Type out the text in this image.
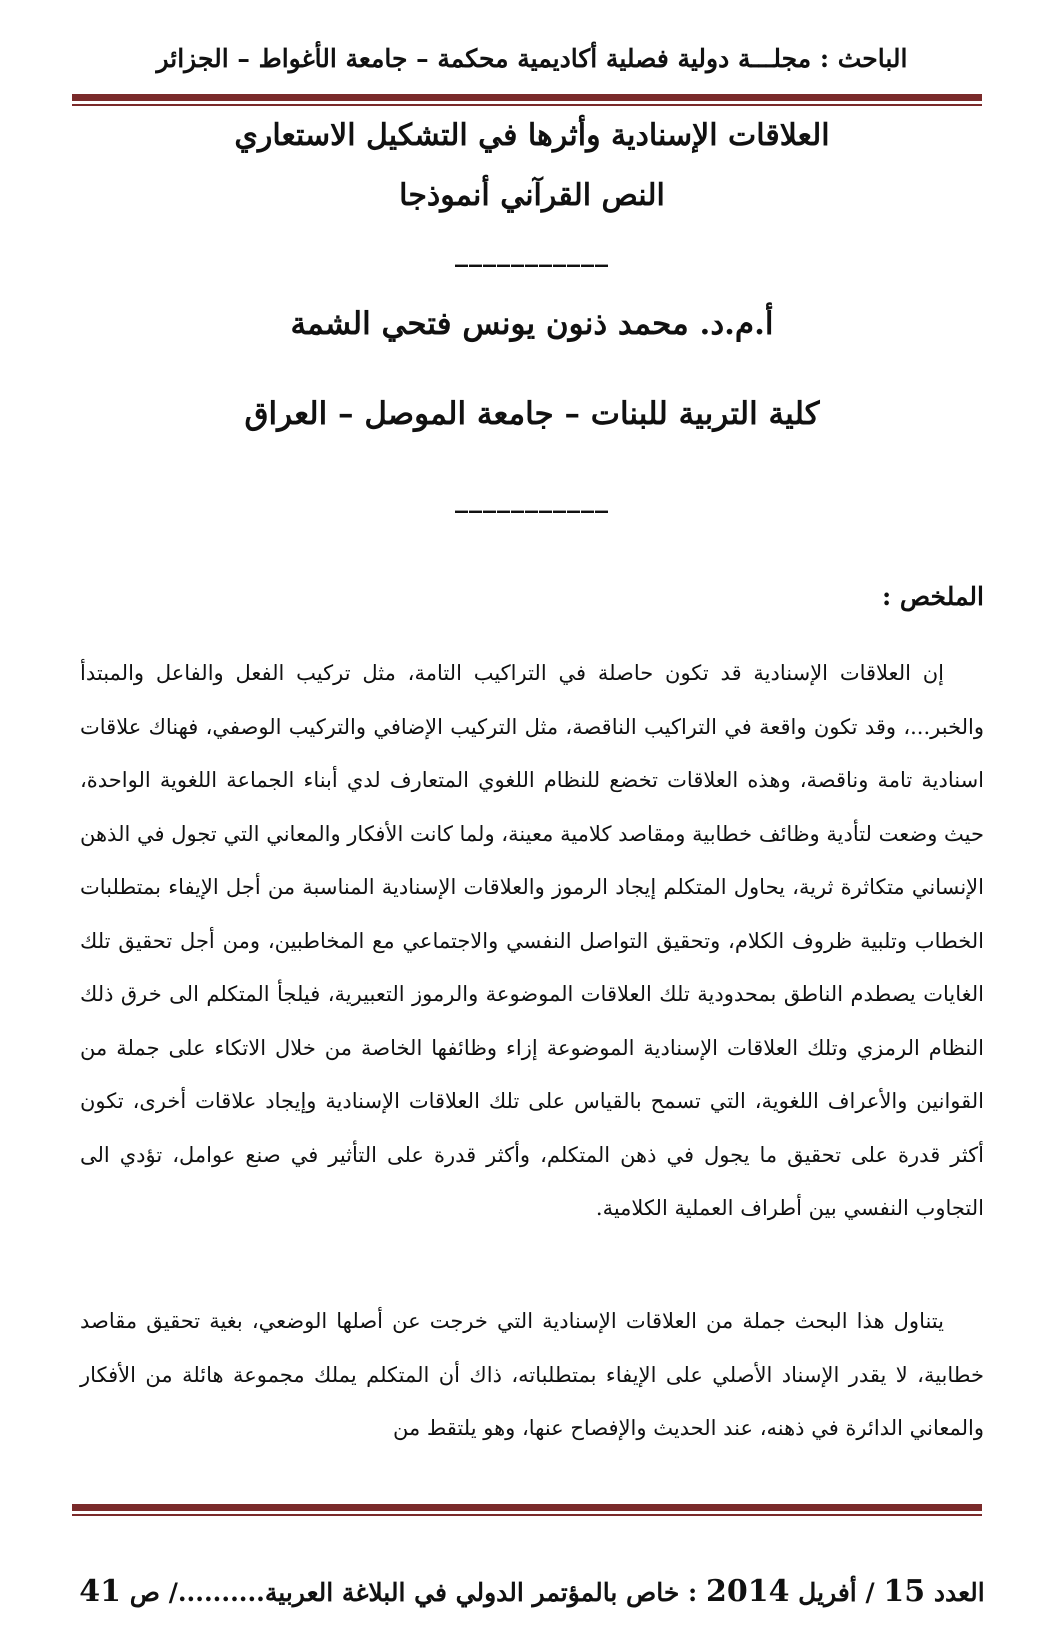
الباحث : مجلـــة دولية فصلية أكاديمية محكمة – جامعة الأغواط – الجزائر
العلاقات الإسنادية وأثرها في التشكيل الاستعاري
النص القرآني أنموذجا
___________
أ.م.د. محمد ذنون يونس فتحي الشمة
كلية التربية للبنات – جامعة الموصل – العراق
___________
الملخص :

إن العلاقات الإسنادية قد تكون حاصلة في التراكيب التامة، مثل تركيب الفعل والفاعل والمبتدأ والخبر...، وقد تكون واقعة في التراكيب الناقصة، مثل التركيب الإضافي والتركيب الوصفي، فهناك علاقات اسنادية تامة وناقصة، وهذه العلاقات تخضع للنظام اللغوي المتعارف لدي أبناء الجماعة اللغوية الواحدة، حيث وضعت لتأدية وظائف خطابية ومقاصد كلامية معينة، ولما كانت الأفكار والمعاني التي تجول في الذهن الإنساني متكاثرة ثرية، يحاول المتكلم إيجاد الرموز والعلاقات الإسنادية المناسبة من أجل الإيفاء بمتطلبات الخطاب وتلبية ظروف الكلام، وتحقيق التواصل النفسي والاجتماعي مع المخاطبين، ومن أجل تحقيق تلك الغايات يصطدم الناطق بمحدودية تلك العلاقات الموضوعة والرموز التعبيرية، فيلجأ المتكلم الى خرق ذلك النظام الرمزي وتلك العلاقات الإسنادية الموضوعة إزاء وظائفها الخاصة من خلال الاتكاء على جملة من القوانين والأعراف اللغوية، التي تسمح بالقياس على تلك العلاقات الإسنادية وإيجاد علاقات أخرى، تكون أكثر قدرة على تحقيق ما يجول في ذهن المتكلم، وأكثر قدرة على التأثير في صنع عوامل، تؤدي الى التجاوب النفسي بين أطراف العملية الكلامية.

يتناول هذا البحث جملة من العلاقات الإسنادية التي خرجت عن أصلها الوضعي، بغية تحقيق مقاصد خطابية، لا يقدر الإسناد الأصلي على الإيفاء بمتطلباته، ذاك أن المتكلم يملك مجموعة هائلة من الأفكار والمعاني الدائرة في ذهنه، عند الحديث والإفصاح عنها، وهو يلتقط من

العدد 15 / أفريل 2014 : خاص بالمؤتمر الدولي في البلاغة العربية........../ ص 41
